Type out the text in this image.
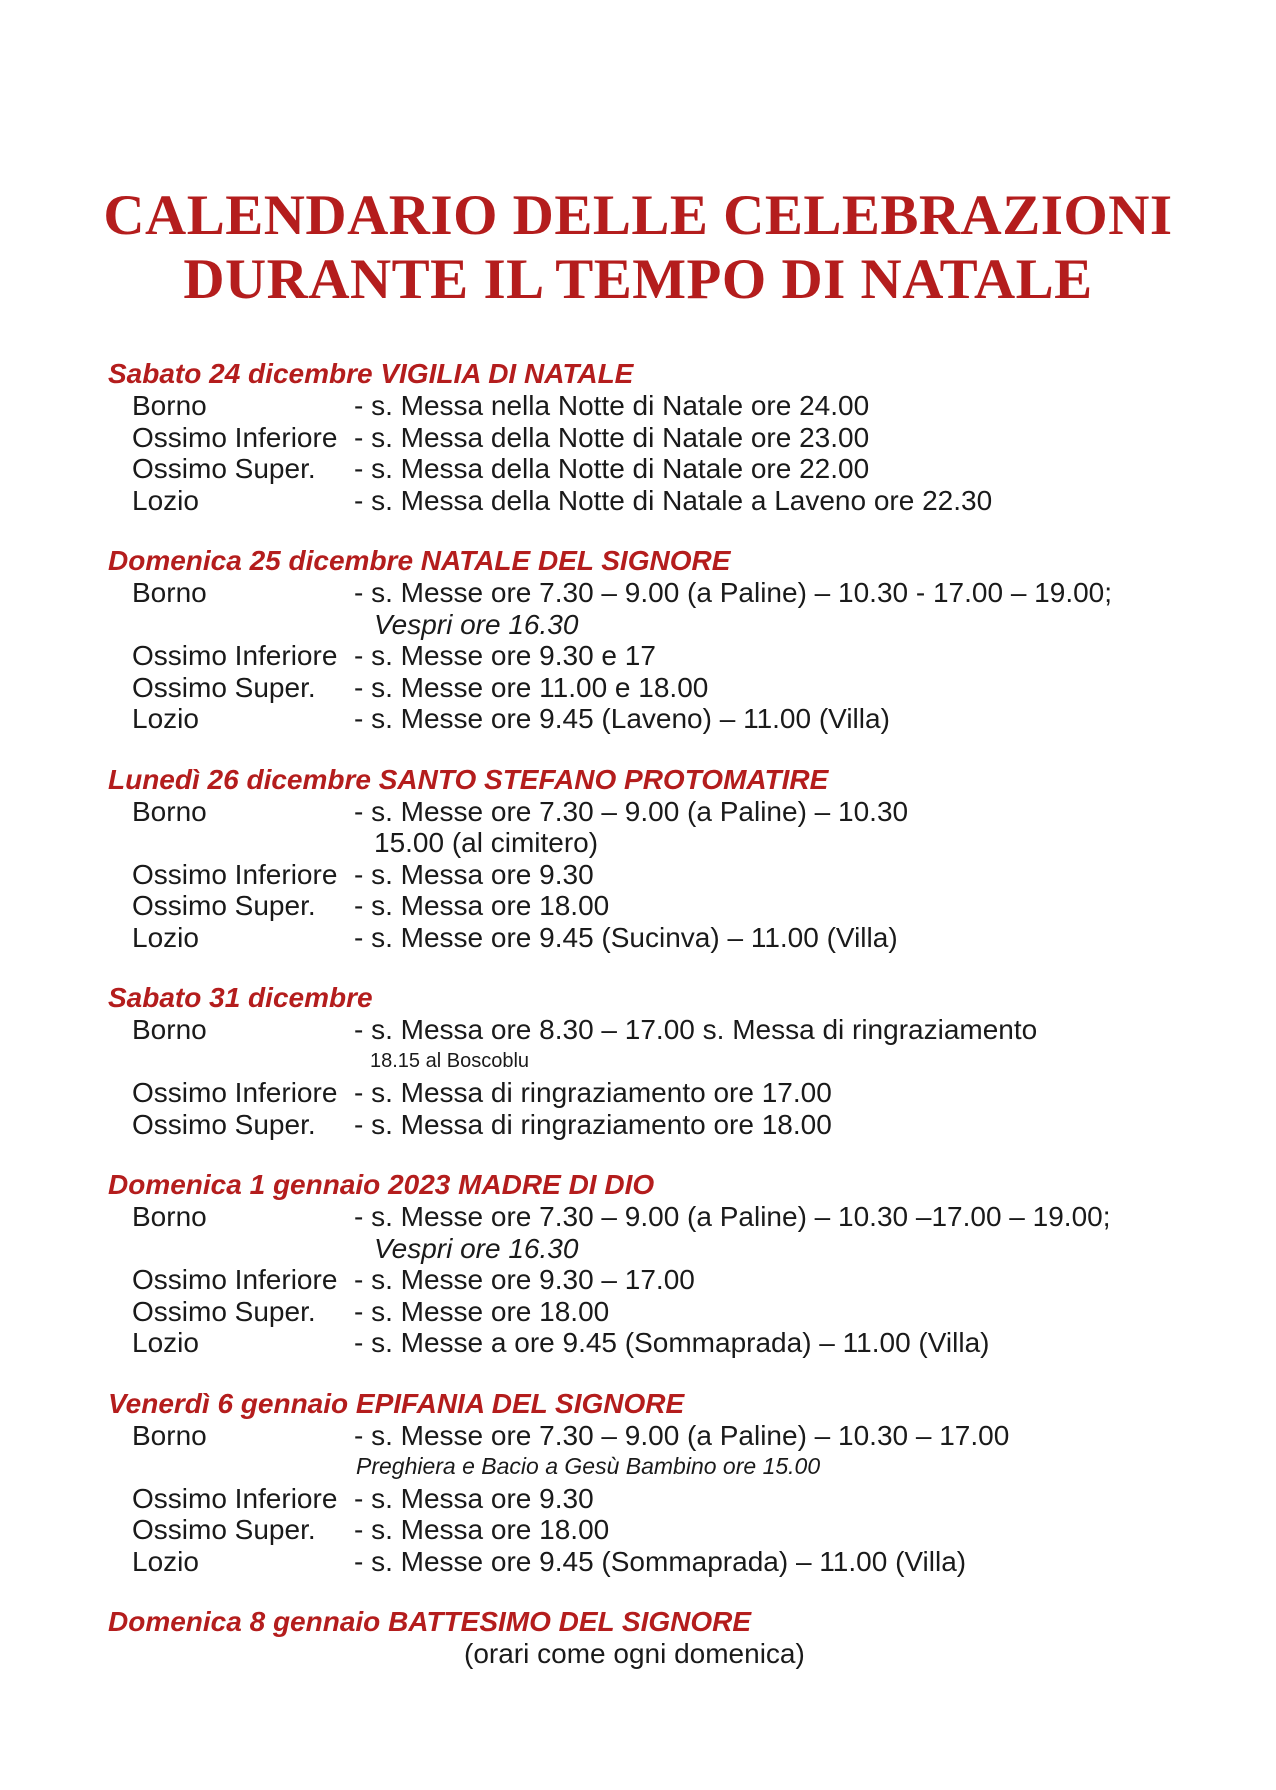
CALENDARIO DELLE CELEBRAZIONI
DURANTE IL TEMPO DI NATALE
Sabato 24 dicembre VIGILIA DI NATALE
Borno	- s. Messa nella Notte di Natale ore 24.00
Ossimo Inferiore - s. Messa della Notte di Natale ore 23.00
Ossimo Super. - s. Messa della Notte di Natale ore 22.00
Lozio	- s. Messa della Notte di Natale a Laveno ore 22.30
Domenica 25 dicembre NATALE DEL SIGNORE
Borno	- s. Messe ore 7.30 – 9.00 (a Paline) – 10.30 - 17.00 – 19.00;
Vespri ore 16.30
Ossimo Inferiore - s. Messe ore 9.30 e 17
Ossimo Super. - s. Messe ore 11.00 e 18.00
Lozio	- s. Messe ore 9.45 (Laveno) – 11.00 (Villa)
Lunedì 26 dicembre SANTO STEFANO PROTOMATIRE
Borno	- s. Messe ore 7.30 – 9.00 (a Paline) – 10.30
15.00 (al cimitero)
Ossimo Inferiore - s. Messa ore 9.30
Ossimo Super. - s. Messa ore 18.00
Lozio	- s. Messe ore 9.45 (Sucinva) – 11.00 (Villa)
Sabato 31 dicembre
Borno	- s. Messa ore 8.30 – 17.00 s. Messa di ringraziamento
18.15 al Boscoblu
Ossimo Inferiore - s. Messa di ringraziamento ore 17.00
Ossimo Super. - s. Messa di ringraziamento ore 18.00
Domenica 1 gennaio 2023 MADRE DI DIO
Borno	- s. Messe ore 7.30 – 9.00 (a Paline) – 10.30 –17.00 – 19.00;
Vespri ore 16.30
Ossimo Inferiore - s. Messe ore 9.30 – 17.00
Ossimo Super. - s. Messe ore 18.00
Lozio	- s. Messe a ore 9.45 (Sommaprada) – 11.00 (Villa)
Venerdì 6 gennaio EPIFANIA DEL SIGNORE
Borno	- s. Messe ore 7.30 – 9.00 (a Paline) – 10.30 – 17.00
Preghiera e Bacio a Gesù Bambino ore 15.00
Ossimo Inferiore - s. Messa ore 9.30
Ossimo Super. - s. Messa ore 18.00
Lozio	- s. Messe ore 9.45 (Sommaprada) – 11.00 (Villa)
Domenica 8 gennaio BATTESIMO DEL SIGNORE
(orari come ogni domenica)
